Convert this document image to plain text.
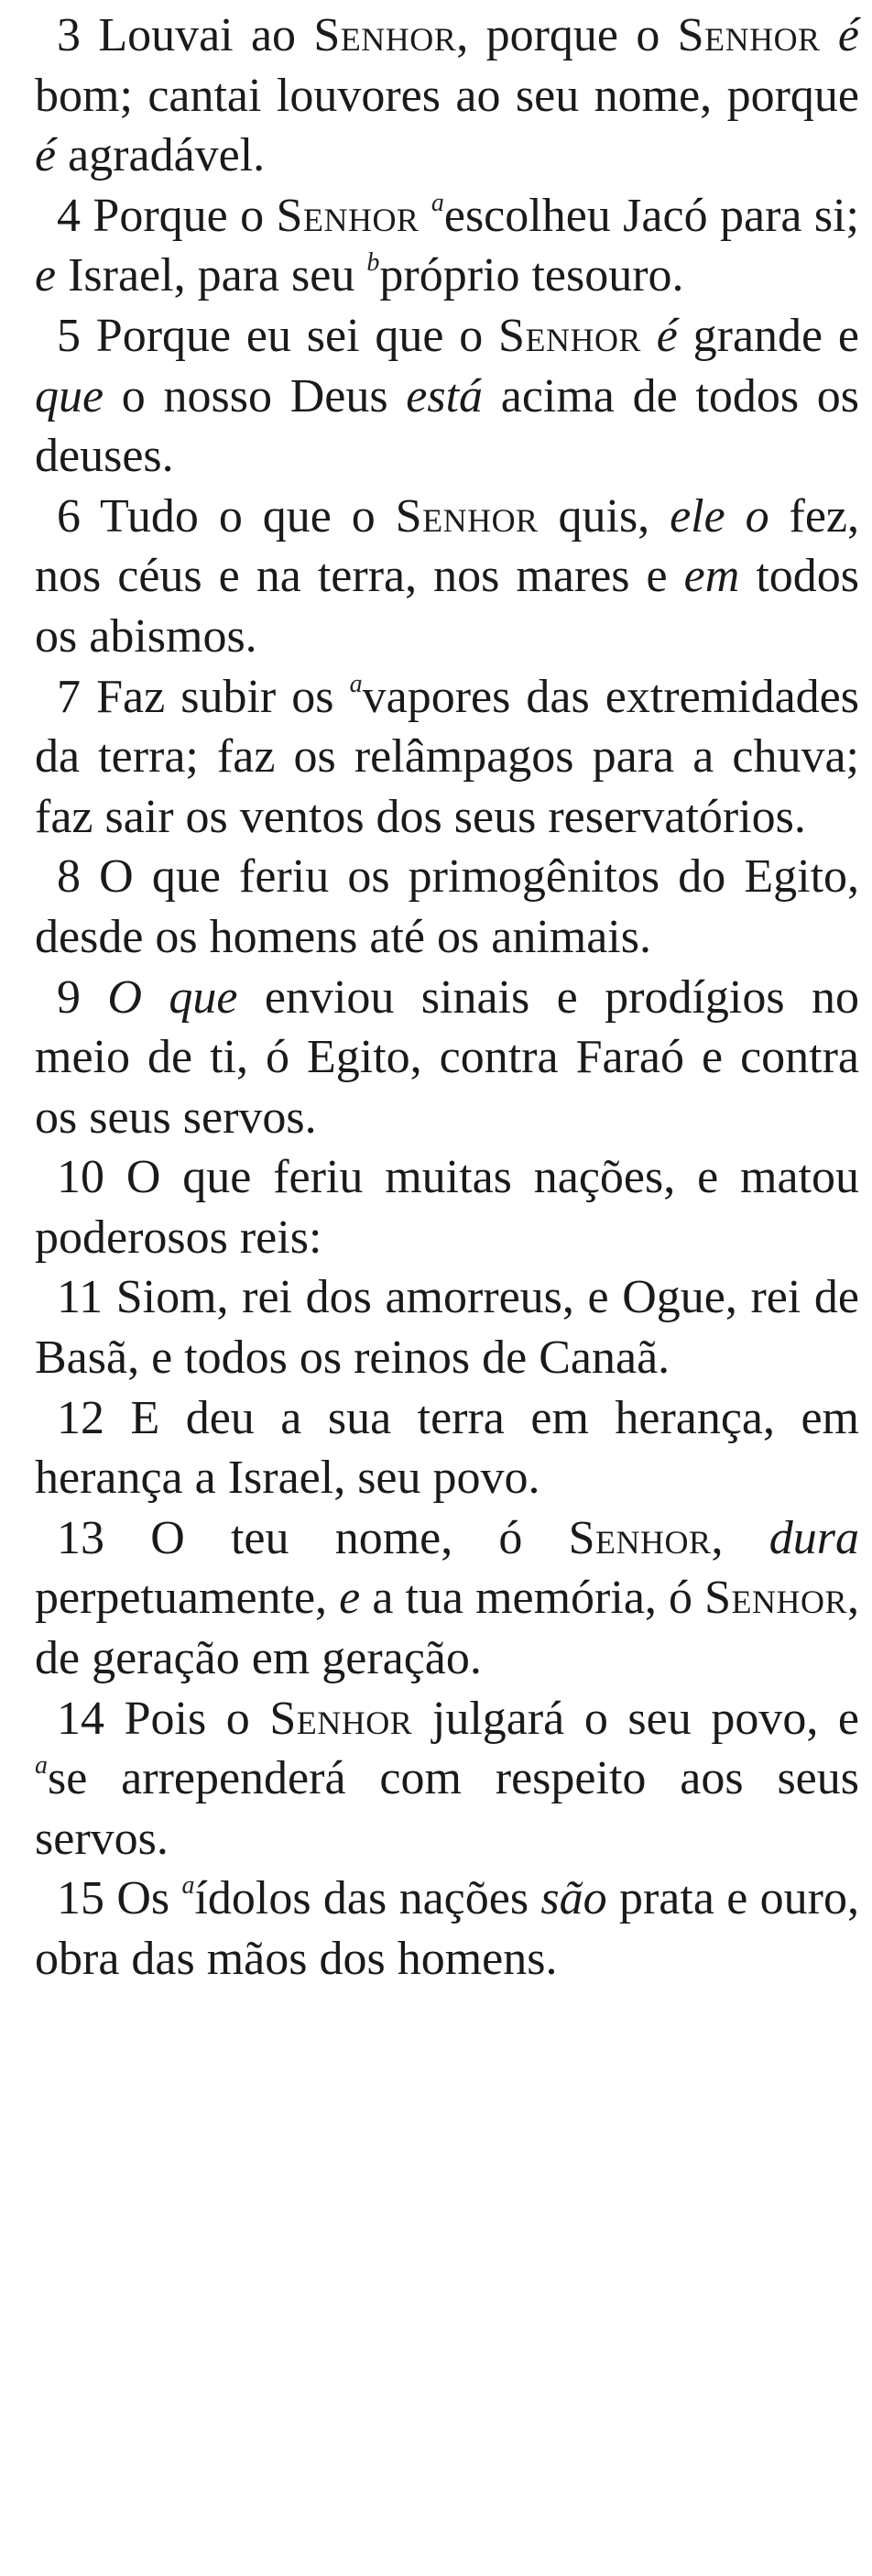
3 Louvai ao Senhor, porque o Senhor é bom; cantai louvores ao seu nome, porque é agradável.

4 Porque o Senhor $^a$escolheu Jacó para si; e Israel, para seu $^b$próprio tesouro.

5 Porque eu sei que o Senhor é grande e que o nosso Deus está acima de todos os deuses.

6 Tudo o que o Senhor quis, ele o fez, nos céus e na terra, nos mares e em todos os abismos.

7 Faz subir os $^a$vapores das extremidades da terra; faz os relâmpagos para a chuva; faz sair os ventos dos seus reservatórios.

8 O que feriu os primogênitos do Egito, desde os homens até os animais.

9 O que enviou sinais e prodígios no meio de ti, ó Egito, contra Faraó e contra os seus servos.

10 O que feriu muitas nações, e matou poderosos reis:

11 Siom, rei dos amorreus, e Ogue, rei de Basã, e todos os reinos de Canaã.

12 E deu a sua terra em herança, em herança a Israel, seu povo.

13 O teu nome, ó Senhor, dura perpetuamente, e a tua memória, ó Senhor, de geração em geração.

14 Pois o Senhor julgará o seu povo, e $^a$se arrependerá com respeito aos seus servos.

15 Os $^a$ídolos das nações são prata e ouro, obra das mãos dos homens.
